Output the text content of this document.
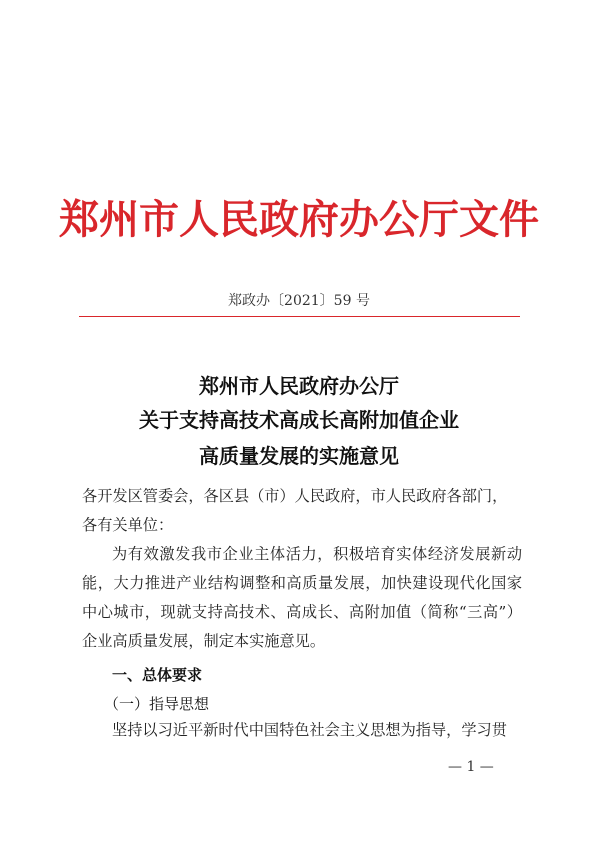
郑州市人民政府办公厅文件
郑政办〔2021〕59 号
郑州市人民政府办公厅
关于支持高技术高成长高附加值企业
高质量发展的实施意见
各开发区管委会，各区县（市）人民政府，市人民政府各部门，
各有关单位：
为有效激发我市企业主体活力，积极培育实体经济发展新动能，大力推进产业结构调整和高质量发展，加快建设现代化国家中心城市，现就支持高技术、高成长、高附加值（简称“三高”）企业高质量发展，制定本实施意见。
一、总体要求
（一）指导思想
坚持以习近平新时代中国特色社会主义思想为指导，学习贯
— 1 —
